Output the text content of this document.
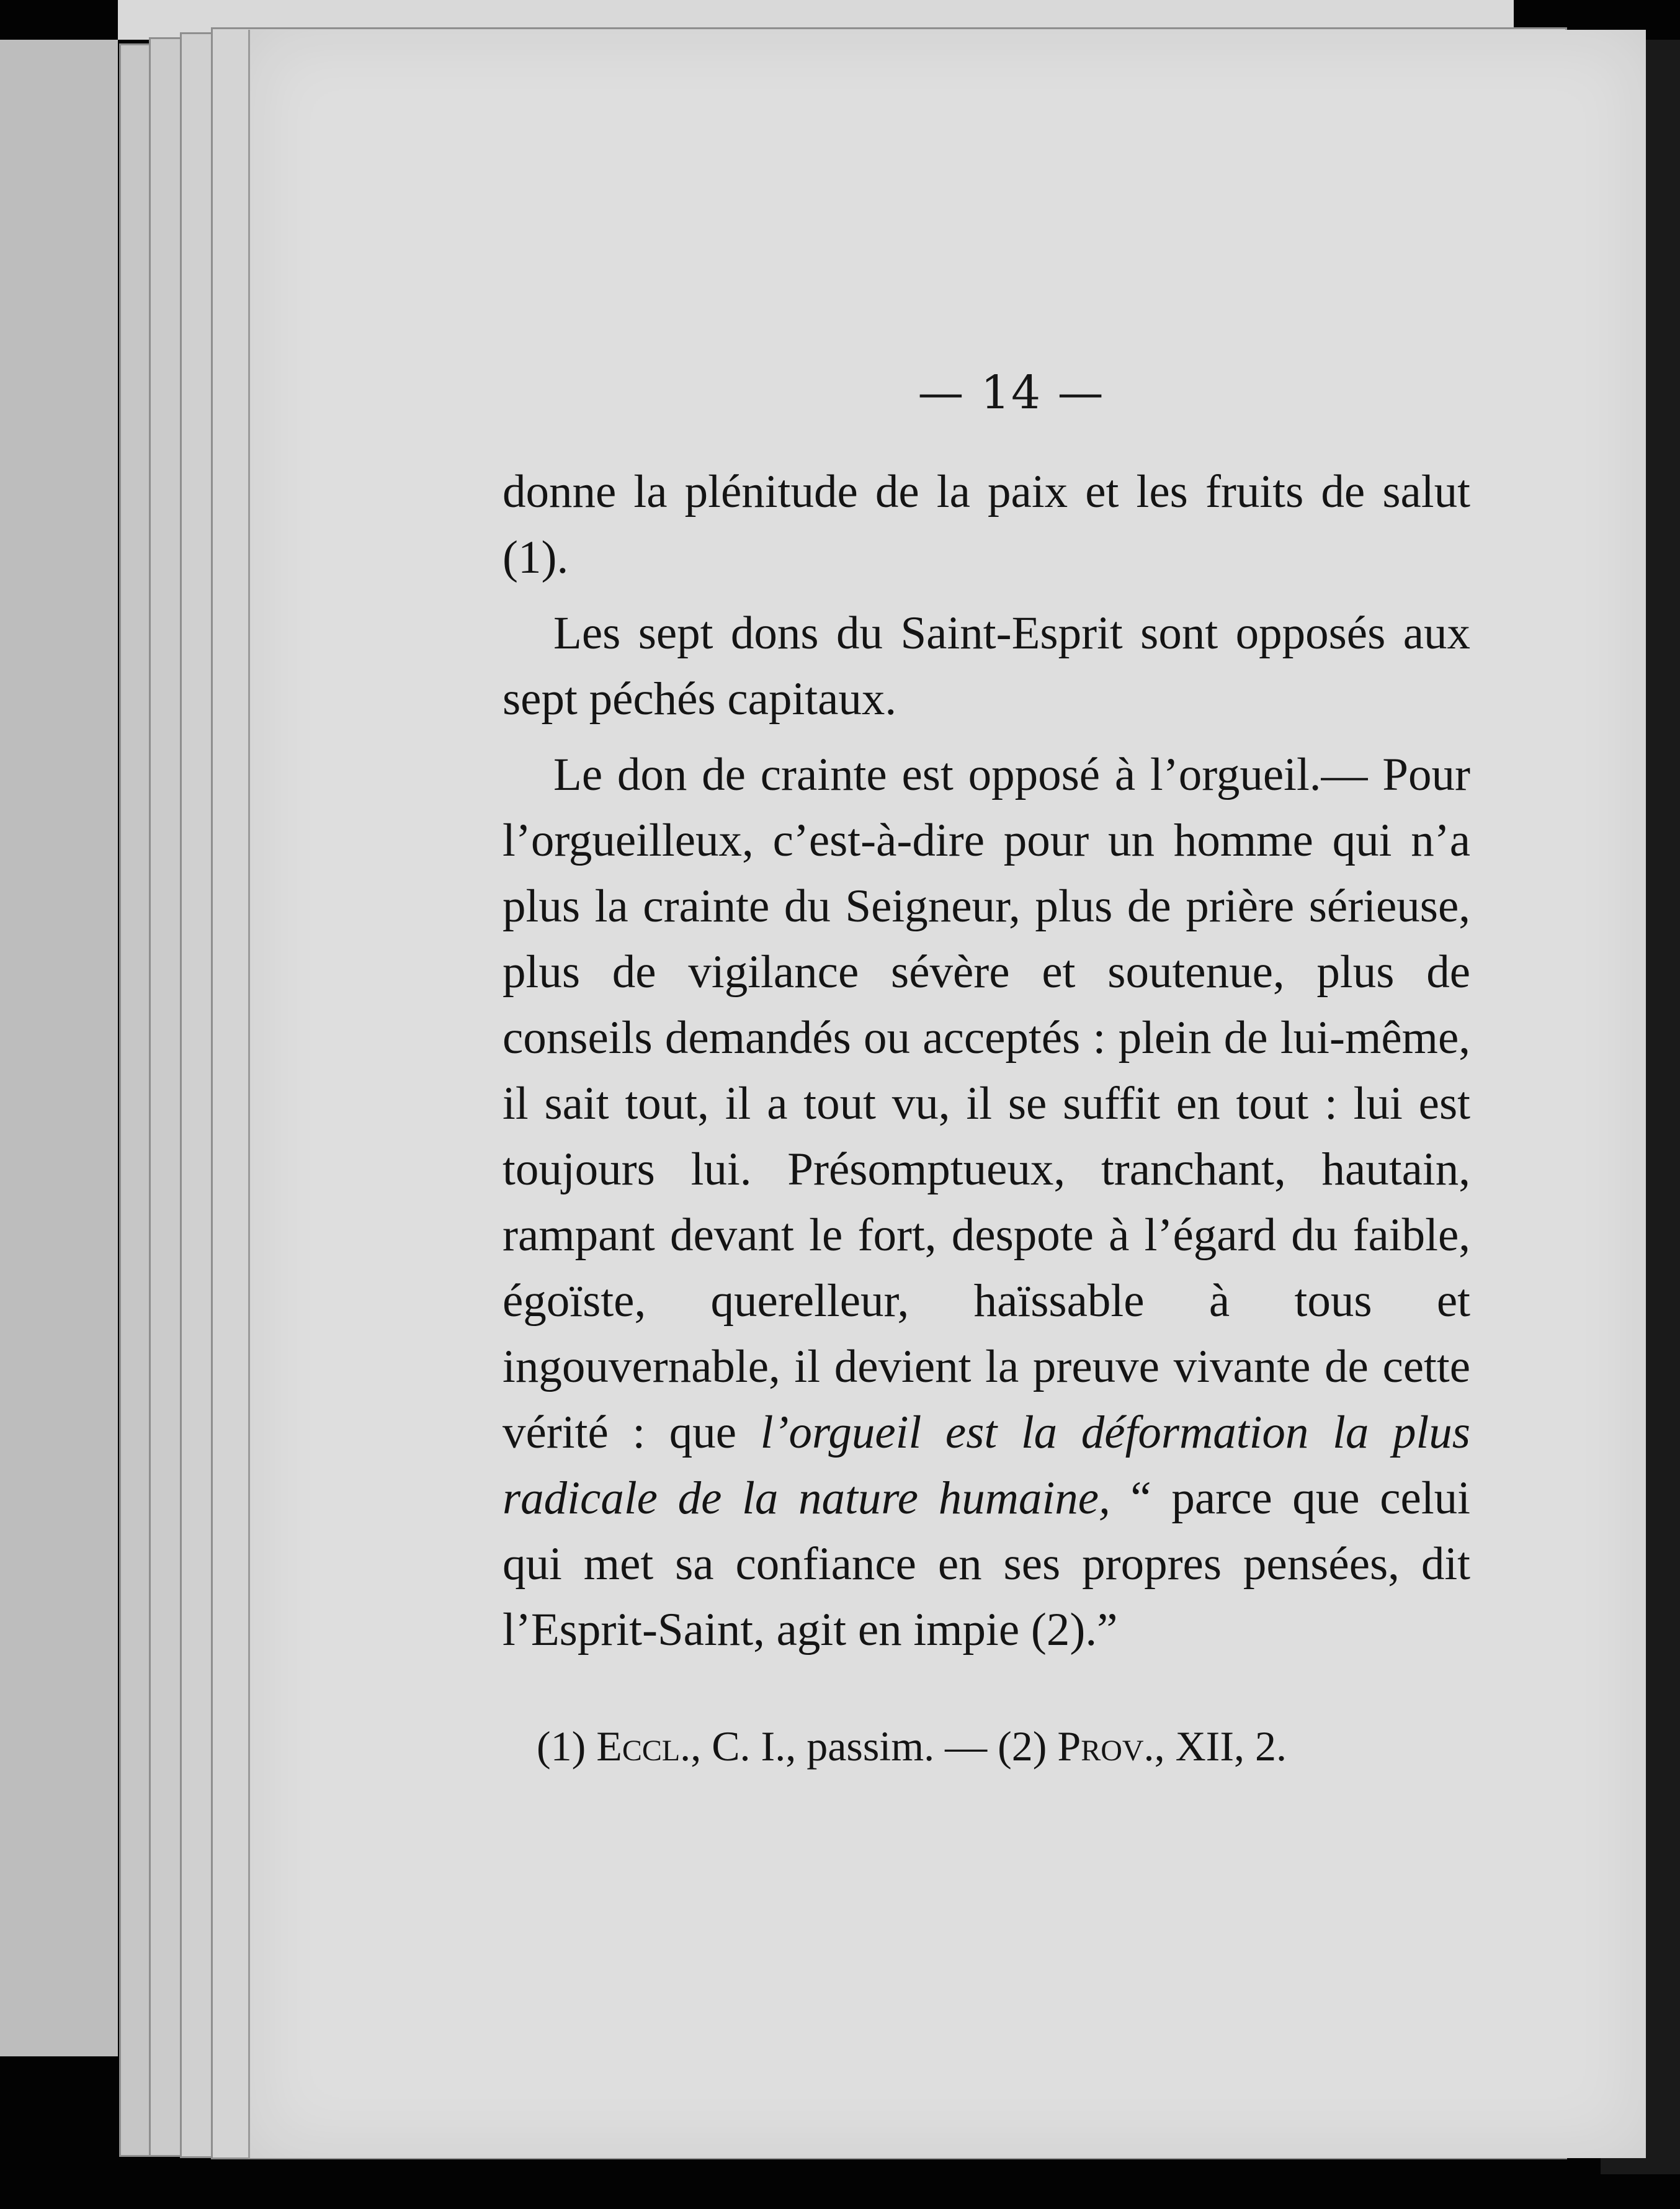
— 14 —

donne la plénitude de la paix et les fruits de salut (1).

Les sept dons du Saint-Esprit sont opposés aux sept péchés capitaux.

Le don de crainte est opposé à l’orgueil.— Pour l’orgueilleux, c’est-à-dire pour un homme qui n’a plus la crainte du Seigneur, plus de prière sérieuse, plus de vigilance sévère et soutenue, plus de conseils demandés ou acceptés : plein de lui-même, il sait tout, il a tout vu, il se suffit en tout : lui est toujours lui. Présomptueux, tranchant, hautain, rampant devant le fort, despote à l’égard du faible, égoïste, querelleur, haïssable à tous et ingouvernable, il devient la preuve vivante de cette vérité : que l’orgueil est la déformation la plus radicale de la nature humaine, “ parce que celui qui met sa confiance en ses propres pensées, dit l’Esprit-Saint, agit en impie (2).”

(1) Eccl., C. I., passim. — (2) Prov., XII, 2.
